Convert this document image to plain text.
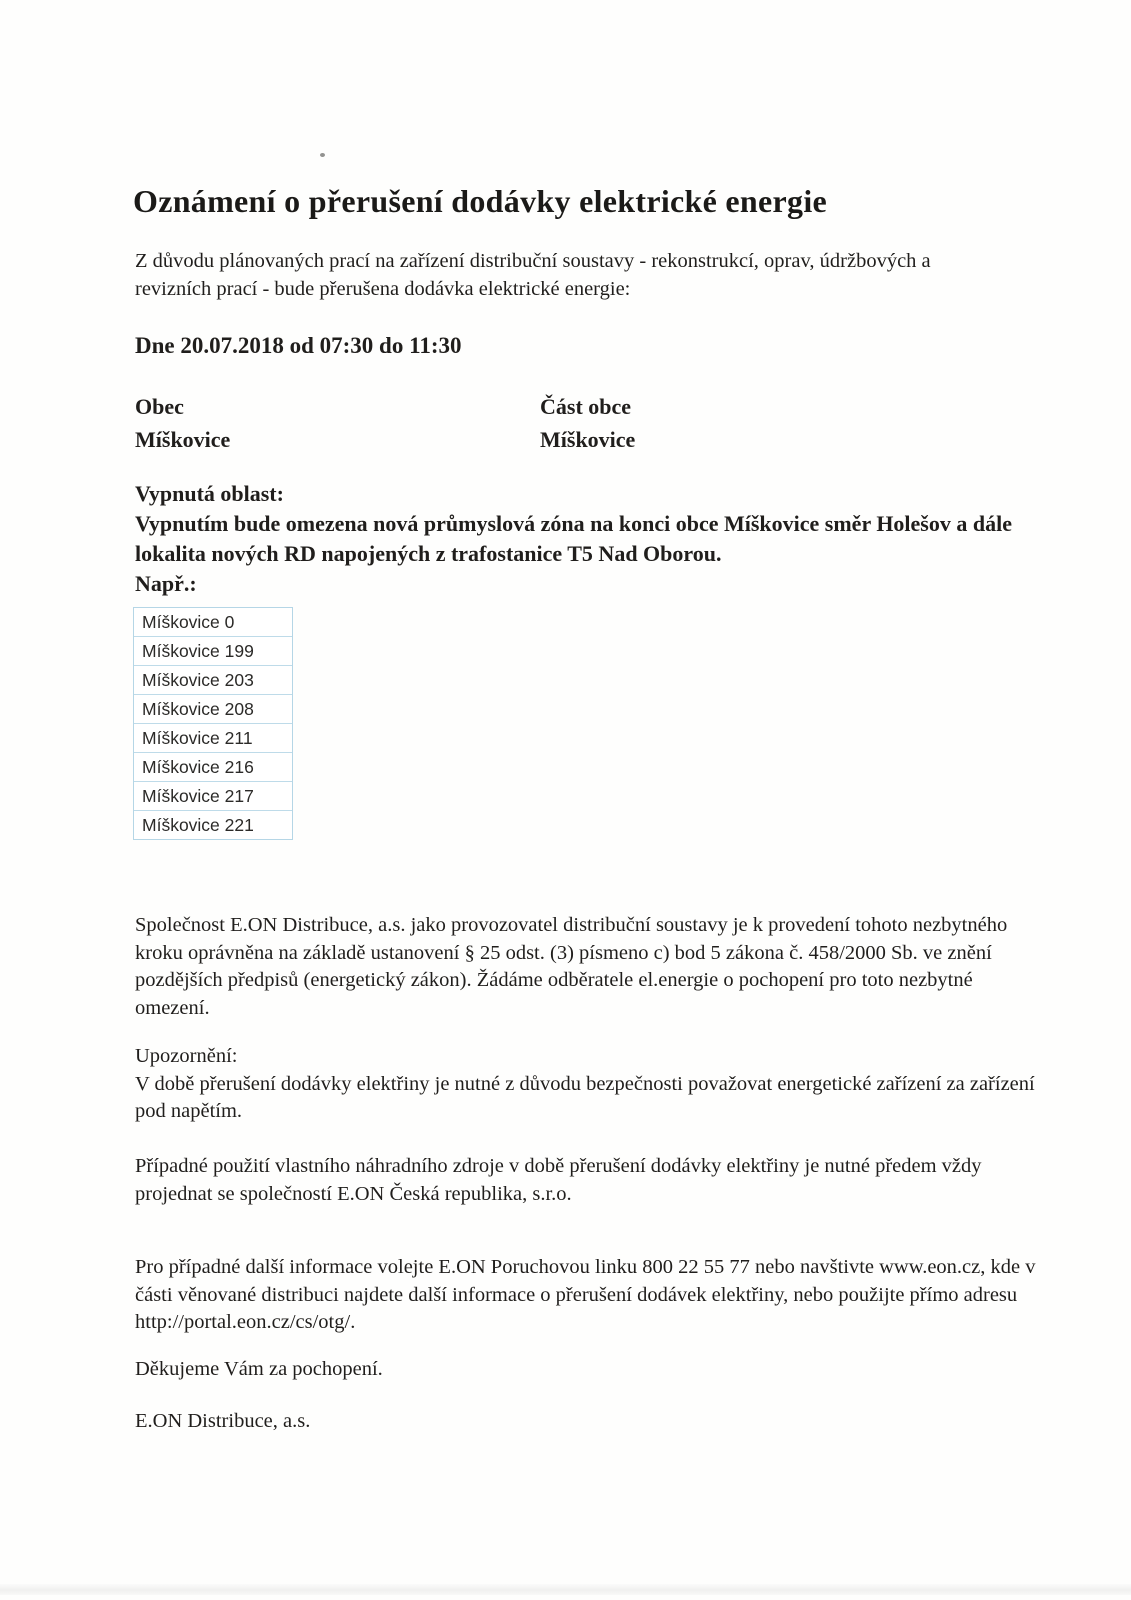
Oznámení o přerušení dodávky elektrické energie

Z důvodu plánovaných prací na zařízení distribuční soustavy - rekonstrukcí, oprav, údržbových a revizních prací - bude přerušena dodávka elektrické energie:

Dne 20.07.2018 od 07:30 do 11:30
Obec
Míškovice
Část obce
Míškovice
Vypnutá oblast:
Vypnutím bude omezena nová průmyslová zóna na konci obce Míškovice směr Holešov a dále lokalita nových RD napojených z trafostanice T5 Nad Oborou.
Např.:
Míškovice 0
Míškovice 199
Míškovice 203
Míškovice 208
Míškovice 211
Míškovice 216
Míškovice 217
Míškovice 221

Společnost E.ON Distribuce, a.s. jako provozovatel distribuční soustavy je k provedení tohoto nezbytného kroku oprávněna na základě ustanovení § 25 odst. (3) písmeno c) bod 5 zákona č. 458/2000 Sb. ve znění pozdějších předpisů (energetický zákon). Žádáme odběratele el.energie o pochopení pro toto nezbytné omezení.

Upozornění:
V době přerušení dodávky elektřiny je nutné z důvodu bezpečnosti považovat energetické zařízení za zařízení pod napětím.

Případné použití vlastního náhradního zdroje v době přerušení dodávky elektřiny je nutné předem vždy projednat se společností E.ON Česká republika, s.r.o.

Pro případné další informace volejte E.ON Poruchovou linku 800 22 55 77 nebo navštivte www.eon.cz, kde v části věnované distribuci najdete další informace o přerušení dodávek elektřiny, nebo použijte přímo adresu http://portal.eon.cz/cs/otg/.

Děkujeme Vám za pochopení.
E.ON Distribuce, a.s.
